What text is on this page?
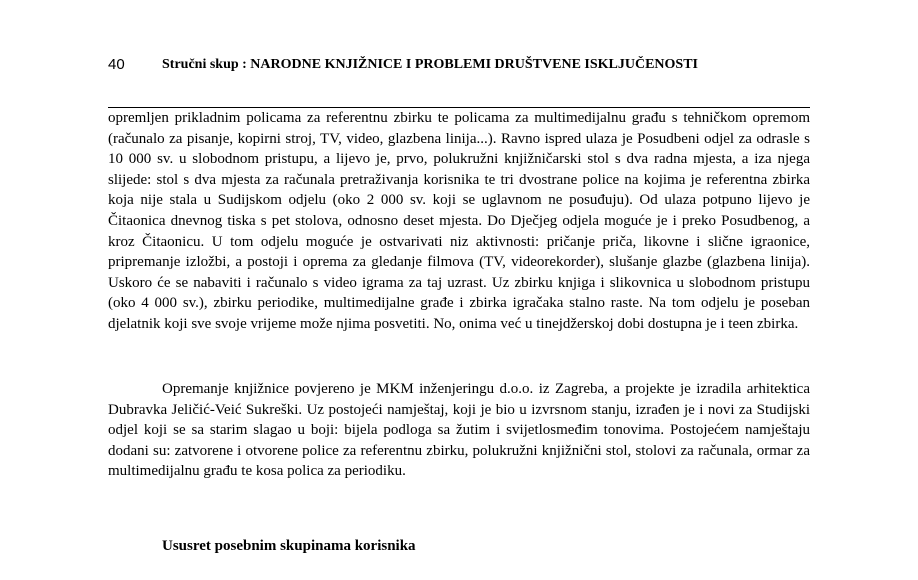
40	Stručni skup : NARODNE KNJIŽNICE I PROBLEMI DRUŠTVENE ISKLJUČENOSTI

opremljen prikladnim policama za referentnu zbirku te policama za multimedijalnu građu s tehničkom opremom (računalo za pisanje, kopirni stroj, TV, video, glazbena linija...). Ravno ispred ulaza je Posudbeni odjel za odrasle s 10 000 sv. u slobodnom pristupu, a lijevo je, prvo, polukružni knjižničarski stol s dva radna mjesta, a iza njega slijede: stol s dva mjesta za računala pretraživanja korisnika te tri dvostrane police na kojima je referentna zbirka koja nije stala u Sudijskom odjelu (oko 2 000 sv. koji se uglavnom ne posuđuju). Od ulaza potpuno lijevo je Čitaonica dnevnog tiska s pet stolova, odnosno deset mjesta. Do Dječjeg odjela moguće je i preko Posudbenog, a kroz Čitaonicu. U tom odjelu moguće je ostvarivati niz aktivnosti: pričanje priča, likovne i slične igraonice, pripremanje izložbi, a postoji i oprema za gledanje filmova (TV, videorekorder), slušanje glazbe (glazbena linija). Uskoro će se nabaviti i računalo s video igrama za taj uzrast. Uz zbirku knjiga i slikovnica u slobodnom pristupu (oko 4 000 sv.), zbirku periodike, multimedijalne građe i zbirka igračaka stalno raste. Na tom odjelu je poseban djelatnik koji sve svoje vrijeme može njima posvetiti. No, onima već u tinejdžerskoj dobi dostupna je i teen zbirka.

Opremanje knjižnice povjereno je MKM inženjeringu d.o.o. iz Zagreba, a projekte je izradila arhitektica Dubravka Jeličić-Veić Sukreški. Uz postojeći namještaj, koji je bio u izvrsnom stanju, izrađen je i novi za Studijski odjel koji se sa starim slagao u boji: bijela podloga sa žutim i svijetlosmeđim tonovima. Postojećem namještaju dodani su: zatvorene i otvorene police za referentnu zbirku, polukružni knjižnični stol, stolovi za računala, ormar za multimedijalnu građu te kosa polica za periodiku.

Ususret posebnim skupinama korisnika
